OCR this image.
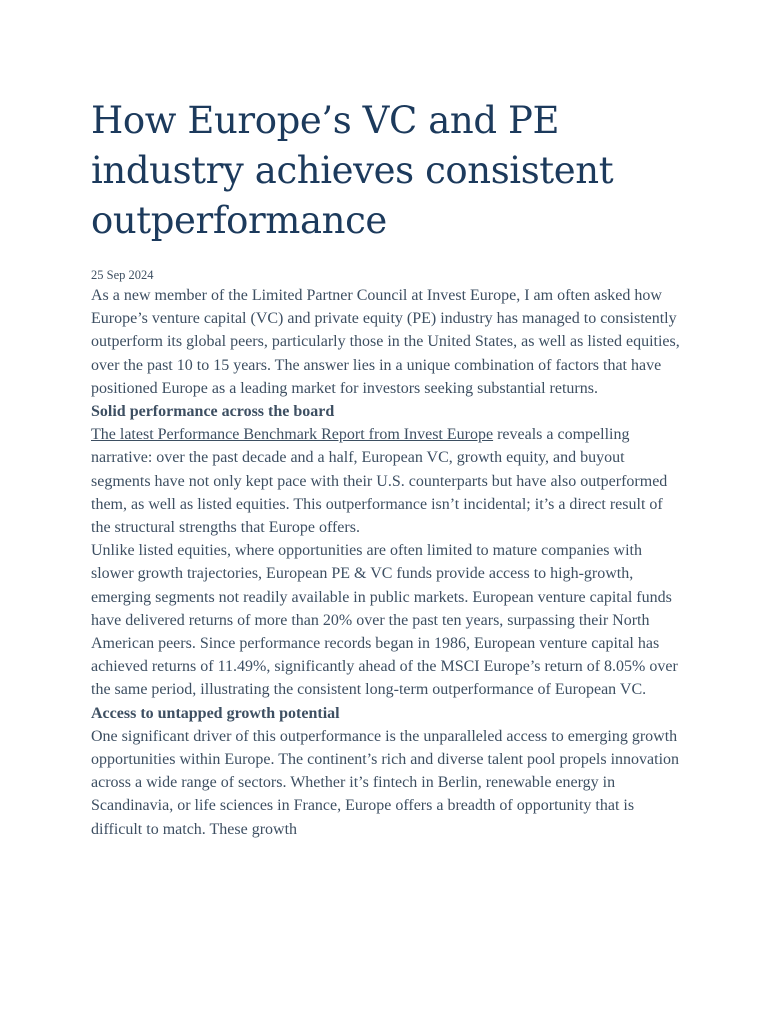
How Europe’s VC and PE industry achieves consistent outperformance
25 Sep 2024

As a new member of the Limited Partner Council at Invest Europe, I am often asked how Europe’s venture capital (VC) and private equity (PE) industry has managed to consistently outperform its global peers, particularly those in the United States, as well as listed equities, over the past 10 to 15 years. The answer lies in a unique combination of factors that have positioned Europe as a leading market for investors seeking substantial returns.

Solid performance across the board

The latest Performance Benchmark Report from Invest Europe reveals a compelling narrative: over the past decade and a half, European VC, growth equity, and buyout segments have not only kept pace with their U.S. counterparts but have also outperformed them, as well as listed equities. This outperformance isn’t incidental; it’s a direct result of the structural strengths that Europe offers.

Unlike listed equities, where opportunities are often limited to mature companies with slower growth trajectories, European PE & VC funds provide access to high-growth, emerging segments not readily available in public markets. European venture capital funds have delivered returns of more than 20% over the past ten years, surpassing their North American peers. Since performance records began in 1986, European venture capital has achieved returns of 11.49%, significantly ahead of the MSCI Europe’s return of 8.05% over the same period, illustrating the consistent long-term outperformance of European VC.

Access to untapped growth potential

One significant driver of this outperformance is the unparalleled access to emerging growth opportunities within Europe. The continent’s rich and diverse talent pool propels innovation across a wide range of sectors. Whether it’s fintech in Berlin, renewable energy in Scandinavia, or life sciences in France, Europe offers a breadth of opportunity that is difficult to match. These growth
